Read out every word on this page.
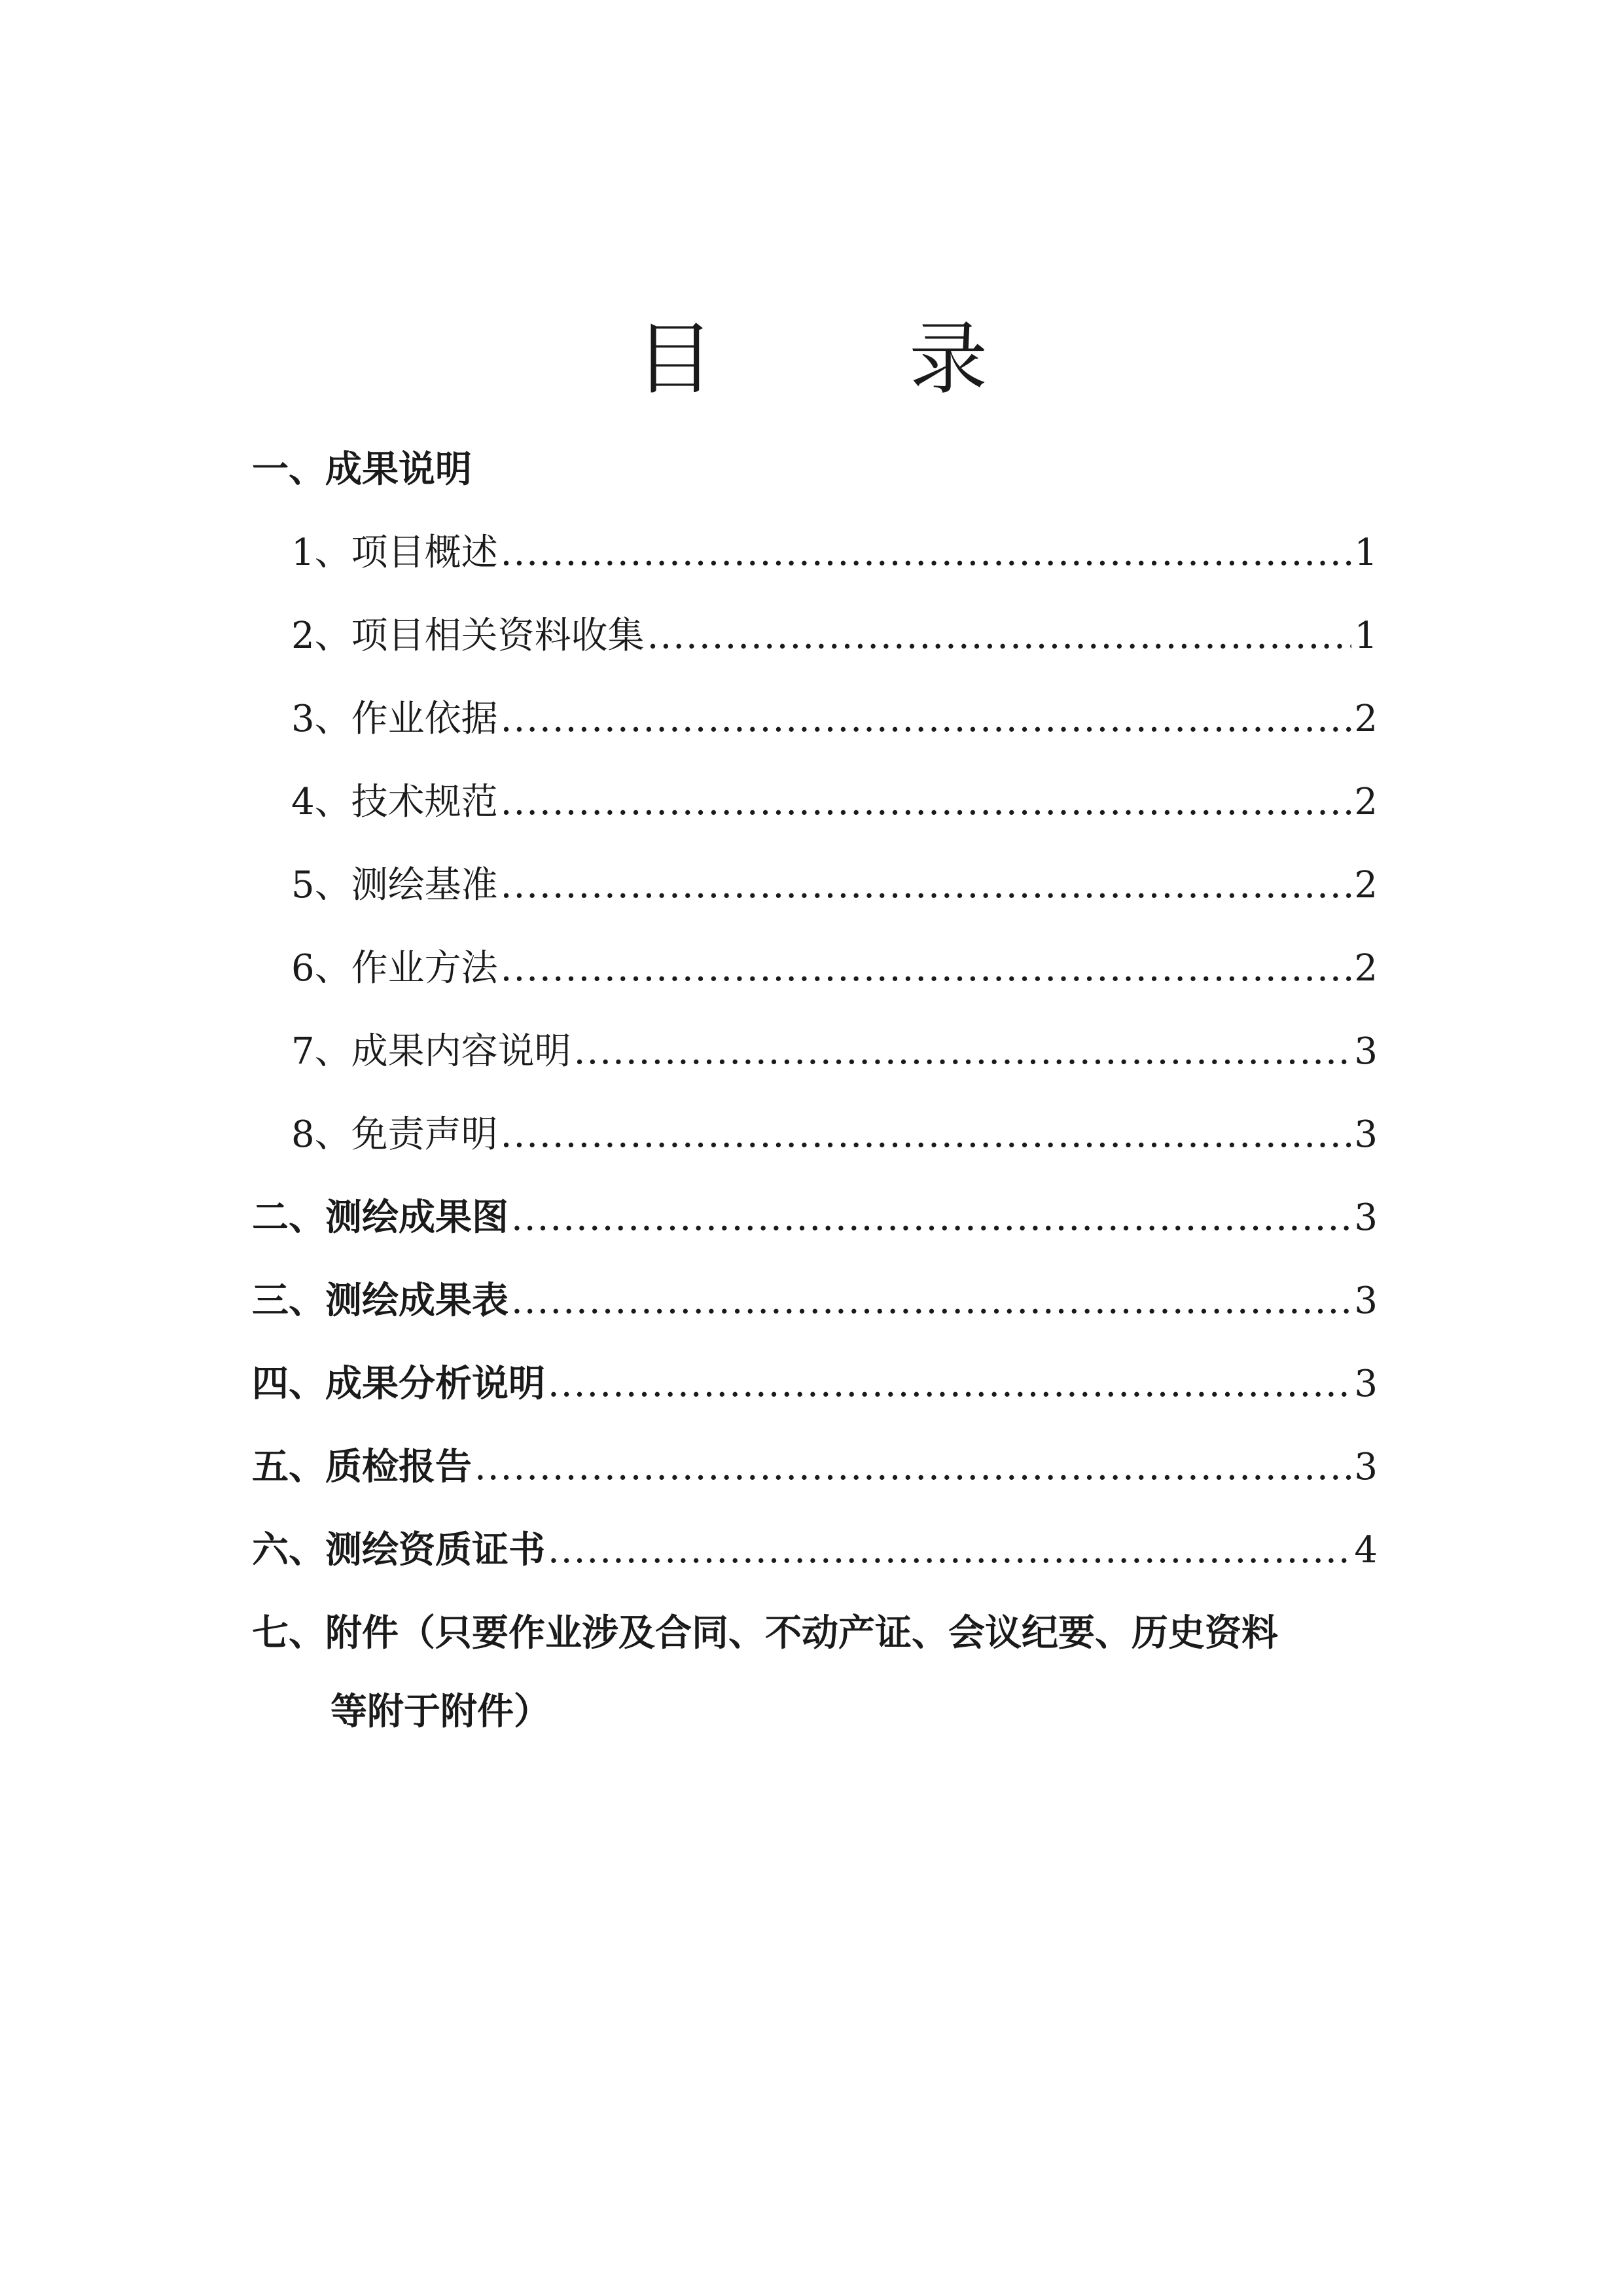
目 录
一、成果说明
1、项目概述 .....	1
2、项目相关资料收集 .....	1
3、作业依据 .....	2
4、技术规范 .....	2
5、测绘基准 .....	2
6、作业方法 .....	2
7、成果内容说明 .....	3
8、免责声明 .....	3
二、测绘成果图 .....	3
三、测绘成果表 .....	3
四、成果分析说明 .....	3
五、质检报告 .....	3
六、测绘资质证书 .....	4
七、附件（只要作业涉及合同、不动产证、会议纪要、历史资料
等附于附件）
